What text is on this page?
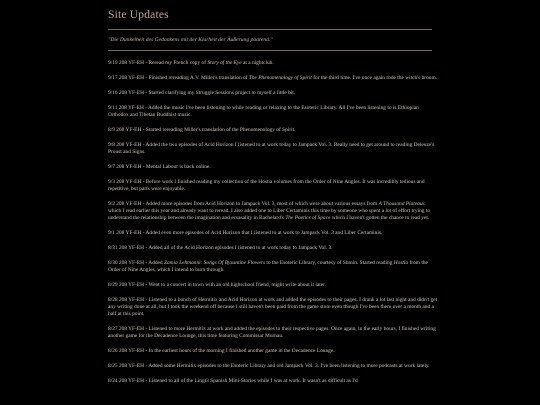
Site Updates
"Die Dunkelheit des Gedankens mit der Klarheit der Äußerung paarend."
9/19 208 YF-EH - Reread my French copy of Story of the Eye at a nightclub.
9/17 208 YF-EH - Finished rereading A.V. Miller's translation of The Phenomenology of Spirit for the third time. I've once again rode the witch's broom.
9/16 208 YF-EH - Started clarifying my Struggle Sessions project to myself a little bit.
9/11 208 YF-EH - Added the music I've been listening to while reading or relaxing to the Esoteric Library. All I've been listening to is Ethiopian Orthodox and Tibetan Buddhist music.
8/9 208 YF-EH - Started rereading Miller's translation of the Phenomenology of Spirit.
9/8 208 YF-EH - Added the two episodes of Acid Horizon I listened to at work today to Jampack Vol. 3. Really need to get around to reading Deleuze's Proust and Signs.
9/7 208 YF-EH - Mental Labour is back online.
9/3 208 YF-EH - Before work I finished reading my collection of the Hostia volumes from the Order of Nine Angles. It was incredibly tedious and repetitive, but parts were enjoyable.
9/2 208 YF-EH - Added more episodes from Acid Horizon to Jampack Vol. 3, most of which were about various essays from A Thousand Plateaus which I read earlier this year and already want to reread. I also added one to Liber Certaminis this time by someone who spent a lot of effort trying to understand the relationship between the imagination and ecsasality in Bachelard's The Poetics of Space which I haven't gotten the chance to read yet.
9/1 208 YF-EH - Added even more episodes of Acid Horizon that I listened to at work to Jampack Vol. 3 and Liber Certaminis.
8/31 208 YF-EH - Added all of the Acid Horizon episodes I listened to at work today to Jampack Vol. 3.
8/30 208 YF-EH - Added Zamia Lehmanni: Songs Of Byzantine Flowers to the Esoteric Library, courtesy of Shmin. Started reading Hostia from the Order of Nine Angles, which I intend to burn through.
8/29 208 YF-EH - Went to a concert in town with an old highschool friend, might write about it later.
8/28 208 YF-EH - Listened to a bunch of Hermitix and Acid Horizon at work and added the episodes to their pages. I drank a lot last night and didn't get any writing done at all, but I took the weekend off because I still haven't been paid from the game store even though I've been there over a month and a half at this point.
8/27 208 YF-EH - Listened to more Hermitix at work and added the episodes to their respective pages. Once again, in the early hours, I finished writing another game for the Decadence Lounge, this time featuring Commissar Murnau.
8/26 208 YF-EH - In the earliest hours of the morning I finished another game in the Decadence Lounge.
8/25 208 YF-EH - Added some Hermitix episodes to the Esoteric Library and old Jampack Vol. 3. I've been listening to more podcasts at work lately.
8/24 208 YF-EH - Listened to all of the Lingt3 Spanish Mini-Stories while I was at work. It wasn't as difficult as I'd
